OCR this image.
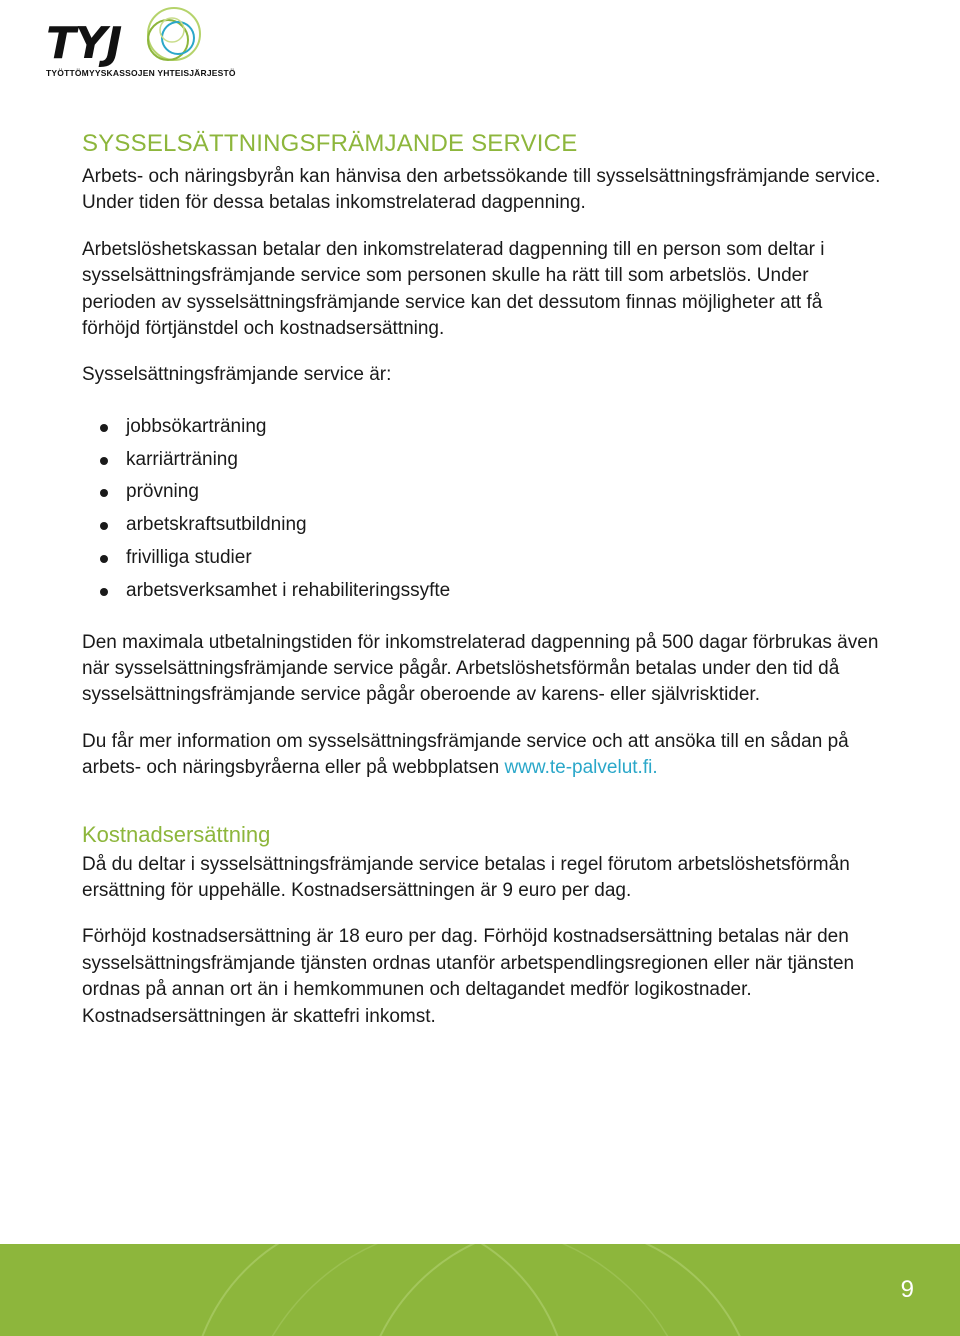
TYJ
TYÖTTÖMYYSKASSOJEN YHTEISJÄRJESTÖ
SYSSELSÄTTNINGSFRÄMJANDE SERVICE

Arbets- och näringsbyrån kan hänvisa den arbetssökande till sysselsättningsfrämjande service. Under tiden för dessa betalas inkomstrelaterad dagpenning.

Arbetslöshetskassan betalar den inkomstrelaterad dagpenning till en person som deltar i sysselsättningsfrämjande service som personen skulle ha rätt till som arbetslös. Under perioden av sysselsättningsfrämjande service kan det dessutom finnas möjligheter att få förhöjd förtjänstdel och kostnadsersättning.

Sysselsättningsfrämjande service är:

jobbsökarträning
karriärträning
prövning
arbetskraftsutbildning
frivilliga studier
arbetsverksamhet i rehabiliteringssyfte

Den maximala utbetalningstiden för inkomstrelaterad dagpenning på 500 dagar förbrukas även när sysselsättningsfrämjande service pågår. Arbetslöshetsförmån betalas under den tid då sysselsättningsfrämjande service pågår oberoende av karens- eller självrisktider.

Du får mer information om sysselsättningsfrämjande service och att ansöka till en sådan på arbets- och näringsbyråerna eller på webbplatsen www.te-palvelut.fi.

Kostnadsersättning

Då du deltar i sysselsättningsfrämjande service betalas i regel förutom arbetslöshetsförmån ersättning för uppehälle. Kostnadsersättningen är 9 euro per dag.

Förhöjd kostnadsersättning är 18 euro per dag. Förhöjd kostnadsersättning betalas när den sysselsättningsfrämjande tjänsten ordnas utanför arbetspendlingsregionen eller när tjänsten ordnas på annan ort än i hemkommunen och deltagandet medför logikostnader. Kostnadsersättningen är skattefri inkomst.

9
